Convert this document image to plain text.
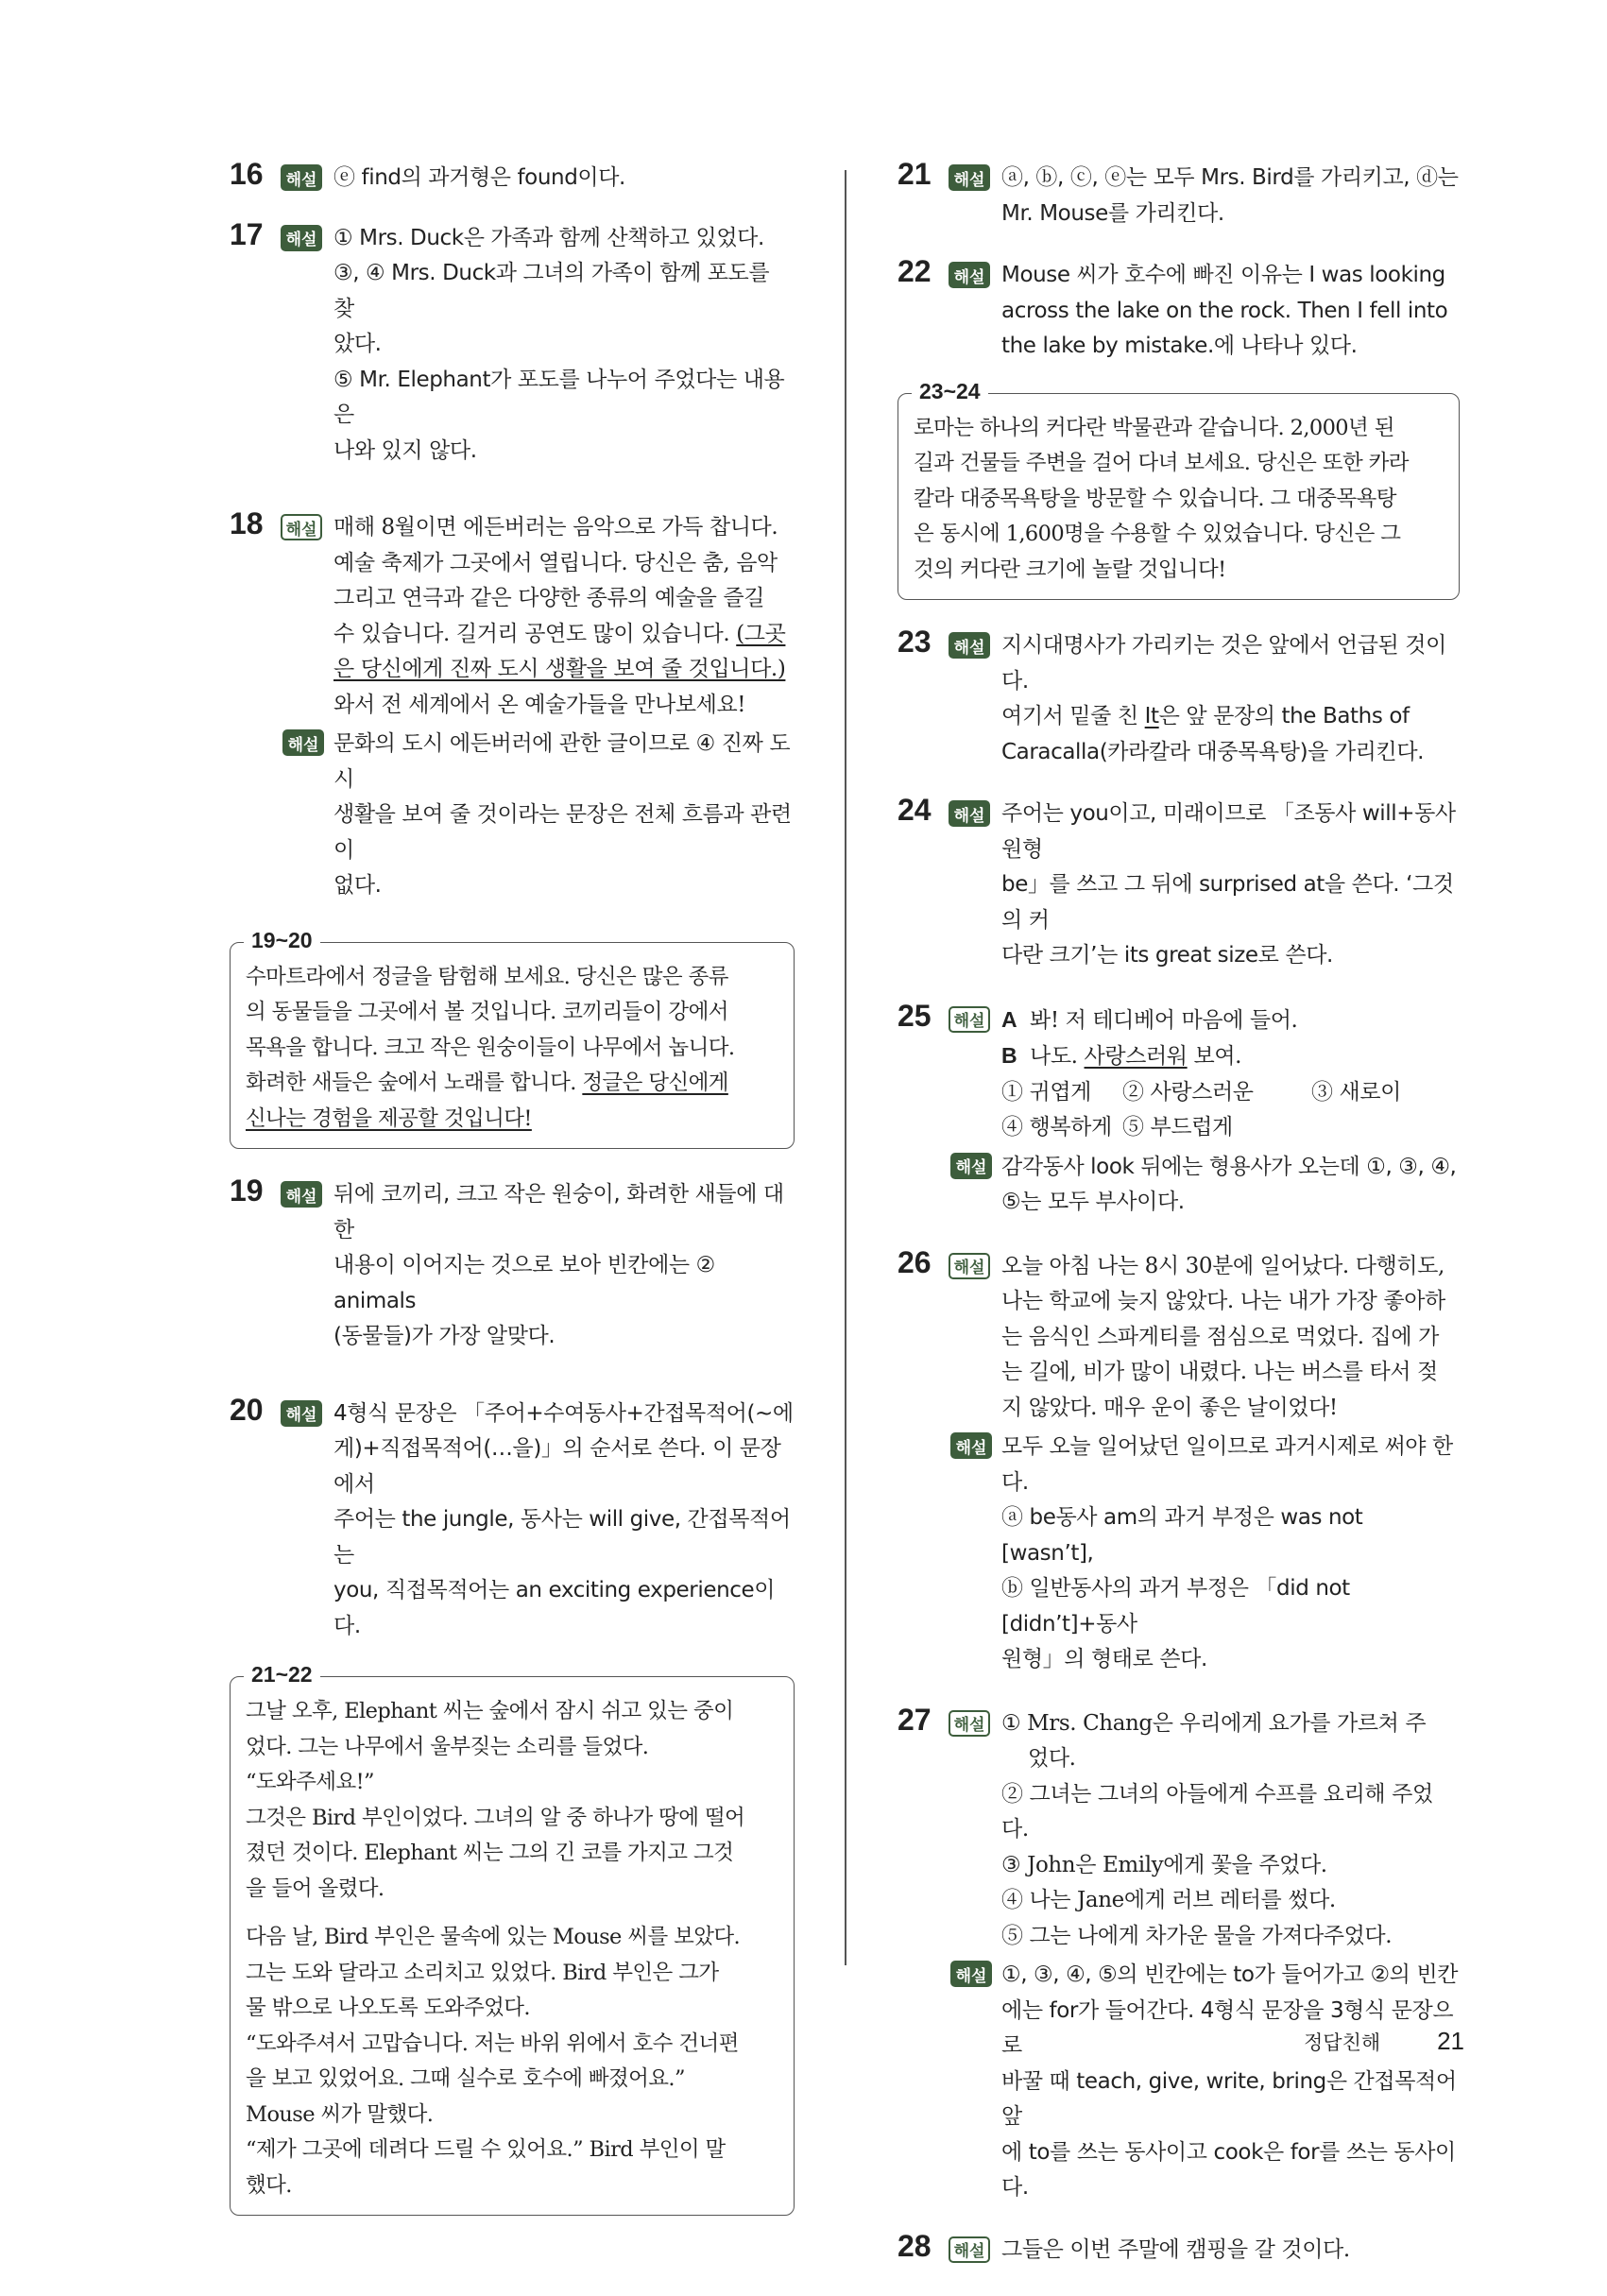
16	해설 ⓔ find의 과거형은 found이다.

17	해설 ① Mrs. Duck은 가족과 함께 산책하고 있었다.

③, ④ Mrs. Duck과 그녀의 가족이 함께 포도를 찾

았다.

⑤ Mr. Elephant가 포도를 나누어 주었다는 내용은

나와 있지 않다.

18	해설 매해 8월이면 에든버러는 음악으로 가득 찹니다.

예술 축제가 그곳에서 열립니다. 당신은 춤, 음악

그리고 연극과 같은 다양한 종류의 예술을 즐길

수 있습니다. 길거리 공연도 많이 있습니다. (그곳

은 당신에게 진짜 도시 생활을 보여 줄 것입니다.)

와서 전 세계에서 온 예술가들을 만나보세요!

해설 문화의 도시 에든버러에 관한 글이므로 ④ 진짜 도시

생활을 보여 줄 것이라는 문장은 전체 흐름과 관련이

없다.

19~20

수마트라에서 정글을 탐험해 보세요. 당신은 많은 종류

의 동물들을 그곳에서 볼 것입니다. 코끼리들이 강에서

목욕을 합니다. 크고 작은 원숭이들이 나무에서 놉니다.

화려한 새들은 숲에서 노래를 합니다. 정글은 당신에게

신나는 경험을 제공할 것입니다!

19	해설 뒤에 코끼리, 크고 작은 원숭이, 화려한 새들에 대한

내용이 이어지는 것으로 보아 빈칸에는 ② animals

(동물들)가 가장 알맞다.

20	해설 4형식 문장은 「주어+수여동사+간접목적어(~에

게)+직접목적어(…을)」의 순서로 쓴다. 이 문장에서

주어는 the jungle, 동사는 will give, 간접목적어는

you, 직접목적어는 an exciting experience이다.

21~22

그날 오후, Elephant 씨는 숲에서 잠시 쉬고 있는 중이

었다. 그는 나무에서 울부짖는 소리를 들었다.

“도와주세요!”

그것은 Bird 부인이었다. 그녀의 알 중 하나가 땅에 떨어

졌던 것이다. Elephant 씨는 그의 긴 코를 가지고 그것

을 들어 올렸다.

다음 날, Bird 부인은 물속에 있는 Mouse 씨를 보았다.

그는 도와 달라고 소리치고 있었다. Bird 부인은 그가

물 밖으로 나오도록 도와주었다.

“도와주셔서 고맙습니다. 저는 바위 위에서 호수 건너편

을 보고 있었어요. 그때 실수로 호수에 빠졌어요.”

Mouse 씨가 말했다.

“제가 그곳에 데려다 드릴 수 있어요.” Bird 부인이 말

했다.

21	해설 ⓐ, ⓑ, ⓒ, ⓔ는 모두 Mrs. Bird를 가리키고, ⓓ는

Mr. Mouse를 가리킨다.

22	해설 Mouse 씨가 호수에 빠진 이유는 I was looking

across the lake on the rock. Then I fell into

the lake by mistake.에 나타나 있다.

23~24

로마는 하나의 커다란 박물관과 같습니다. 2,000년 된

길과 건물들 주변을 걸어 다녀 보세요. 당신은 또한 카라

칼라 대중목욕탕을 방문할 수 있습니다. 그 대중목욕탕

은 동시에 1,600명을 수용할 수 있었습니다. 당신은 그

것의 커다란 크기에 놀랄 것입니다!

23	해설 지시대명사가 가리키는 것은 앞에서 언급된 것이다.

여기서 밑줄 친 It은 앞 문장의 the Baths of

Caracalla(카라칼라 대중목욕탕)을 가리킨다.

24	해설 주어는 you이고, 미래이므로 「조동사 will+동사원형

be」를 쓰고 그 뒤에 surprised at을 쓴다. ‘그것의 커

다란 크기’는 its great size로 쓴다.

25	해설 A 봐! 저 테디베어 마음에 들어.

B 나도. 사랑스러워 보여.

① 귀엽게	② 사랑스러운	③ 새로이

④ 행복하게 ⑤ 부드럽게

해설 감각동사 look 뒤에는 형용사가 오는데 ①, ③, ④,

⑤는 모두 부사이다.

26	해설 오늘 아침 나는 8시 30분에 일어났다. 다행히도,

나는 학교에 늦지 않았다. 나는 내가 가장 좋아하

는 음식인 스파게티를 점심으로 먹었다. 집에 가

는 길에, 비가 많이 내렸다. 나는 버스를 타서 젖

지 않았다. 매우 운이 좋은 날이었다!

해설 모두 오늘 일어났던 일이므로 과거시제로 써야 한다.

ⓐ be동사 am의 과거 부정은 was not [wasn’t],

ⓑ 일반동사의 과거 부정은 「did not [didn’t]+동사

원형」의 형태로 쓴다.

27	해설 ① Mrs. Chang은 우리에게 요가를 가르쳐 주

었다.

② 그녀는 그녀의 아들에게 수프를 요리해 주었다.

③ John은 Emily에게 꽃을 주었다.

④ 나는 Jane에게 러브 레터를 썼다.

⑤ 그는 나에게 차가운 물을 가져다주었다.

해설 ①, ③, ④, ⑤의 빈칸에는 to가 들어가고 ②의 빈칸

에는 for가 들어간다. 4형식 문장을 3형식 문장으로

바꿀 때 teach, give, write, bring은 간접목적어 앞

에 to를 쓰는 동사이고 cook은 for를 쓰는 동사이다.

28	해설 그들은 이번 주말에 캠핑을 갈 것이다.

정답친해 21
